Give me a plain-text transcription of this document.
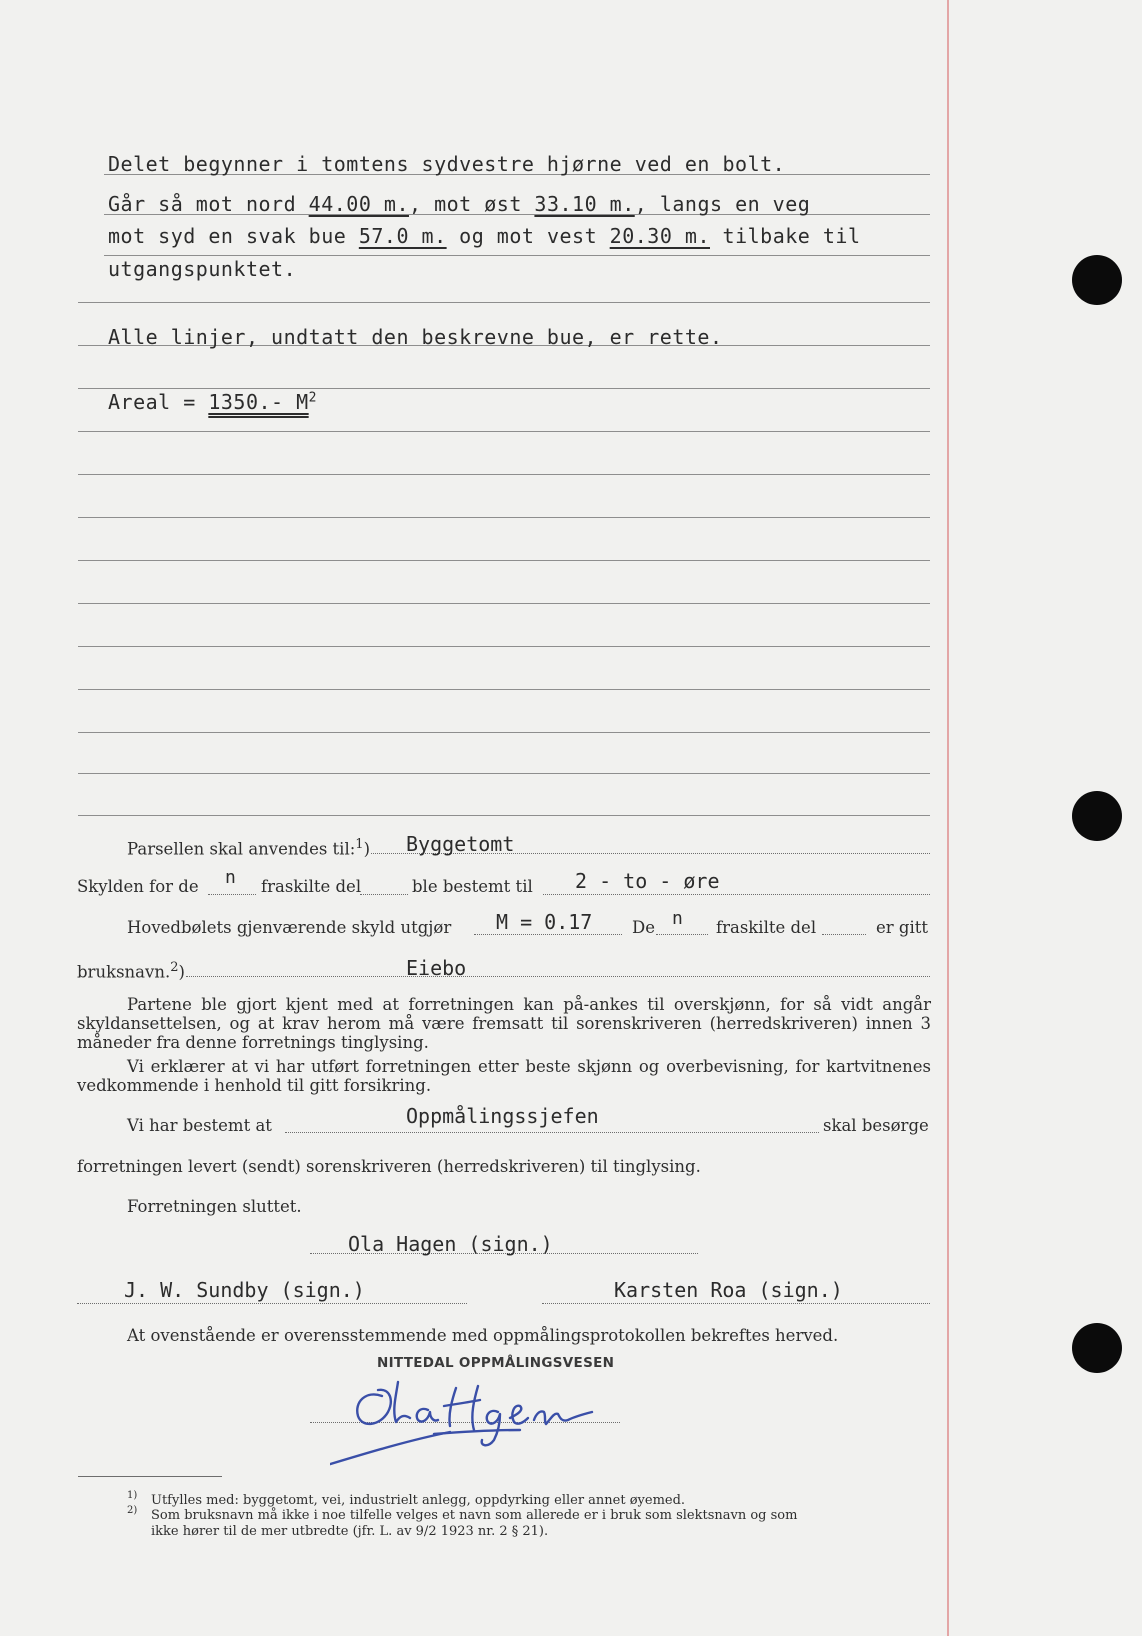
Delet begynner i tomtens sydvestre hjørne ved en bolt.
Går så mot nord 44.00 m., mot øst 33.10 m., langs en veg
mot syd en svak bue 57.0 m. og mot vest 20.30 m. tilbake til
utgangspunktet.
Alle linjer, undtatt den beskrevne bue, er rette.
Areal = 1350.- $M^2$
Parsellen skal anvendes til:$^1$) Byggetomt
Skylden for de n fraskilte del	ble bestemt til 2 - to - øre
Hovedbølets gjenværende skyld utgjør M = 0.17 De n fraskilte del	er gitt
bruksnavn.$^2$)	Eiebo
Partene ble gjort kjent med at forretningen kan på-ankes til overskjønn, for så vidt angår skyldansettelsen, og at krav herom må være fremsatt til sorenskriveren (herredskriveren) innen 3 måneder fra denne forretnings tinglysing.
Vi erklærer at vi har utført forretningen etter beste skjønn og overbevisning, for kartvitnenes vedkommende i henhold til gitt forsikring.
Vi har bestemt at	Oppmålingssjefen	skal besørge
forretningen levert (sendt) sorenskriveren (herredskriveren) til tinglysing.
Forretningen sluttet.
Ola Hagen (sign.)
J. W. Sundby (sign.)	Karsten Roa (sign.)
At ovenstående er overensstemmende med oppmålingsprotokollen bekreftes herved.
NITTEDAL OPPMÅLINGSVESEN
1) Utfylles med: byggetomt, vei, industrielt anlegg, oppdyrking eller annet øyemed.
2) Som bruksnavn må ikke i noe tilfelle velges et navn som allerede er i bruk som slektsnavn og som
ikke hører til de mer utbredte (jfr. L. av 9/2 1923 nr. 2 § 21).
